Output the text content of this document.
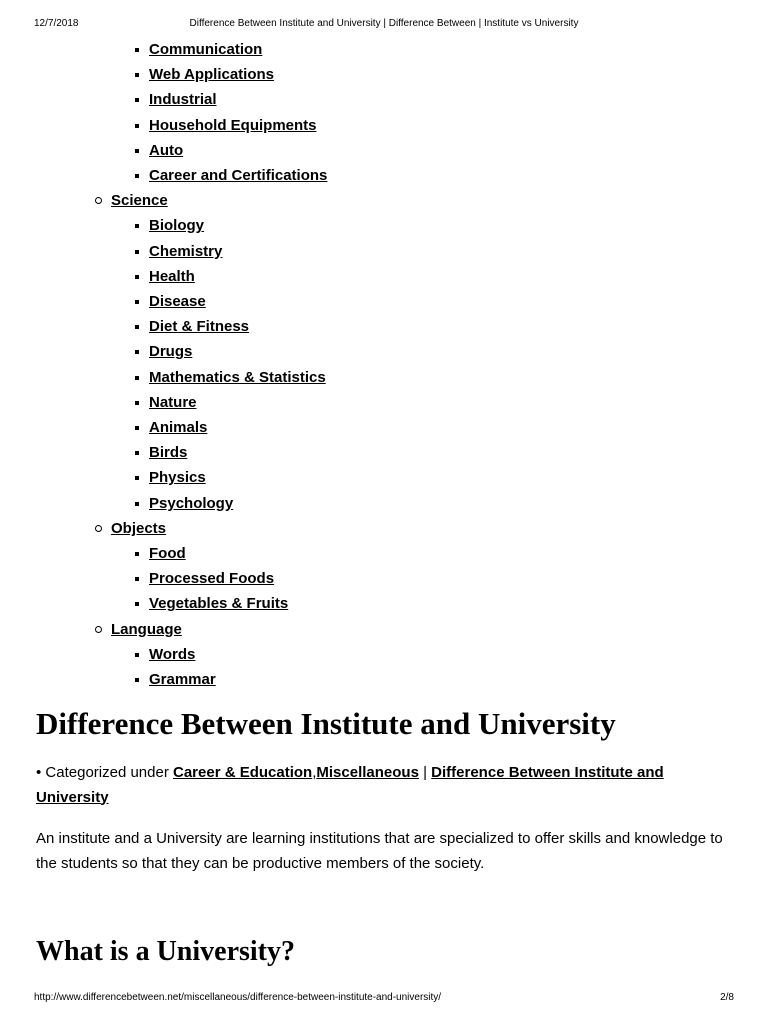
12/7/2018	Difference Between Institute and University | Difference Between | Institute vs University
Communication
Web Applications
Industrial
Household Equipments
Auto
Career and Certifications
Science
Biology
Chemistry
Health
Disease
Diet & Fitness
Drugs
Mathematics & Statistics
Nature
Animals
Birds
Physics
Psychology
Objects
Food
Processed Foods
Vegetables & Fruits
Language
Words
Grammar
Difference Between Institute and University

• Categorized under Career & Education,Miscellaneous | Difference Between Institute and University

An institute and a University are learning institutions that are specialized to offer skills and knowledge to the students so that they can be productive members of the society.

What is a University?
http://www.differencebetween.net/miscellaneous/difference-between-institute-and-university/	2/8
